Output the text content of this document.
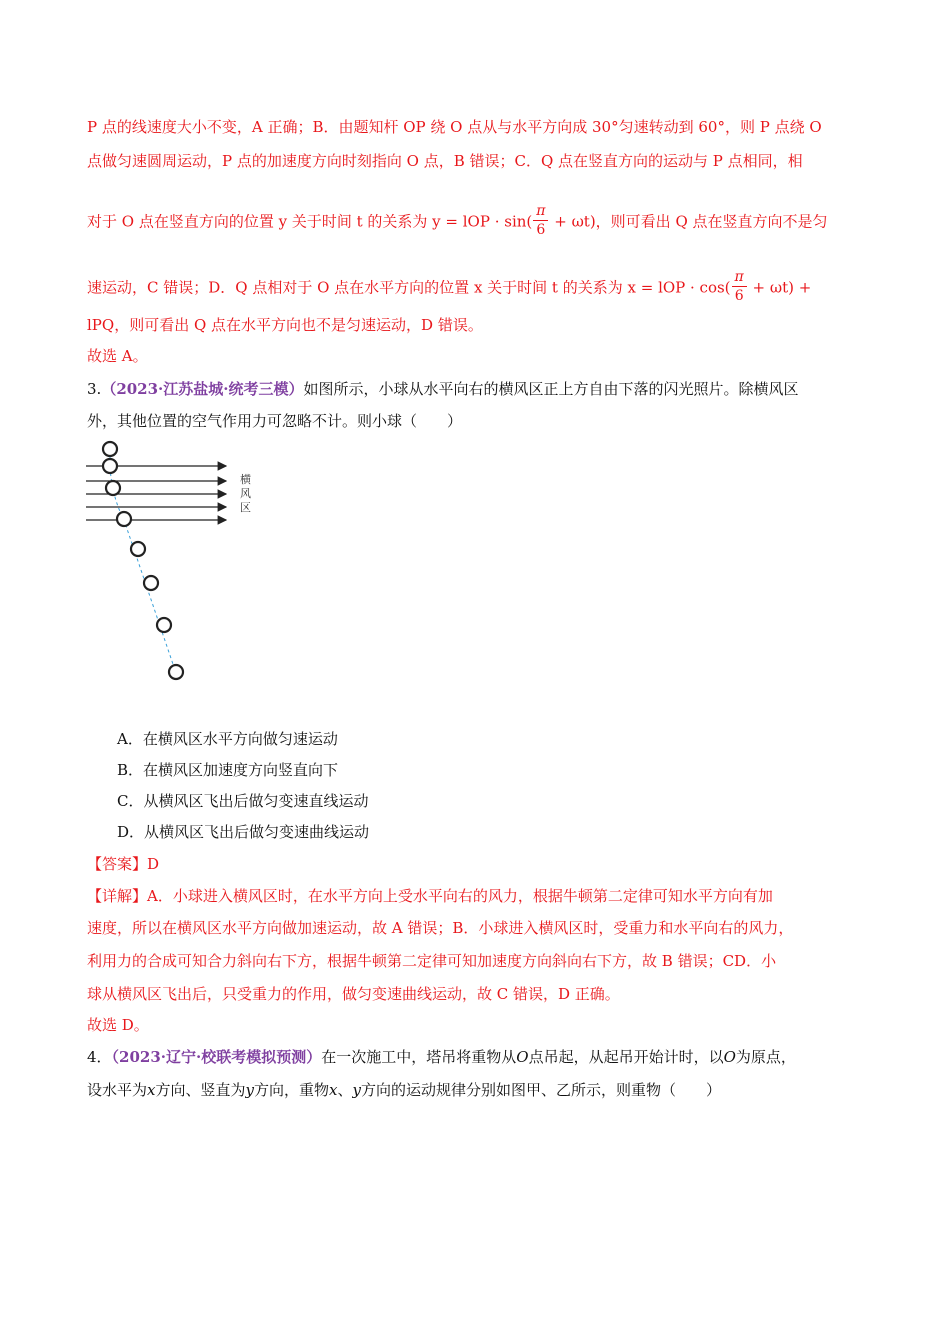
P 点的线速度大小不变，A 正确；B．由题知杆 OP 绕 O 点从与水平方向成 30°匀速转动到 60°，则 P 点绕 O
点做匀速圆周运动，P 点的加速度方向时刻指向 O 点，B 错误；C．Q 点在竖直方向的运动与 P 点相同，相
对于 O 点在竖直方向的位置 y 关于时间 t 的关系为 y = lOP · $\sin( \frac{\pi}{6} + \omega t)$，则可看出 Q 点在竖直方向不是匀
速运动，C 错误；D．Q 点相对于 O 点在水平方向的位置 x 关于时间 t 的关系为 x = lOP · $\cos( \frac{\pi}{6} + \omega t)$ +
lPQ，则可看出 Q 点在水平方向也不是匀速运动，D 错误。
故选 A。
3.（2023·江苏盐城·统考三模）如图所示，小球从水平向右的横风区正上方自由下落的闪光照片。除横风区
外，其他位置的空气作用力可忽略不计。则小球（　　）
横
风
区
A．在横风区水平方向做匀速运动
B．在横风区加速度方向竖直向下
C．从横风区飞出后做匀变速直线运动
D．从横风区飞出后做匀变速曲线运动
【答案】D
【详解】A．小球进入横风区时，在水平方向上受水平向右的风力，根据牛顿第二定律可知水平方向有加
速度，所以在横风区水平方向做加速运动，故 A 错误；B．小球进入横风区时，受重力和水平向右的风力，
利用力的合成可知合力斜向右下方，根据牛顿第二定律可知加速度方向斜向右下方，故 B 错误；CD．小
球从横风区飞出后，只受重力的作用，做匀变速曲线运动，故 C 错误，D 正确。
故选 D。
4．（2023·辽宁·校联考模拟预测）在一次施工中，塔吊将重物从O点吊起，从起吊开始计时，以O为原点，
设水平为x方向、竖直为y方向，重物x、y方向的运动规律分别如图甲、乙所示，则重物（　　）
